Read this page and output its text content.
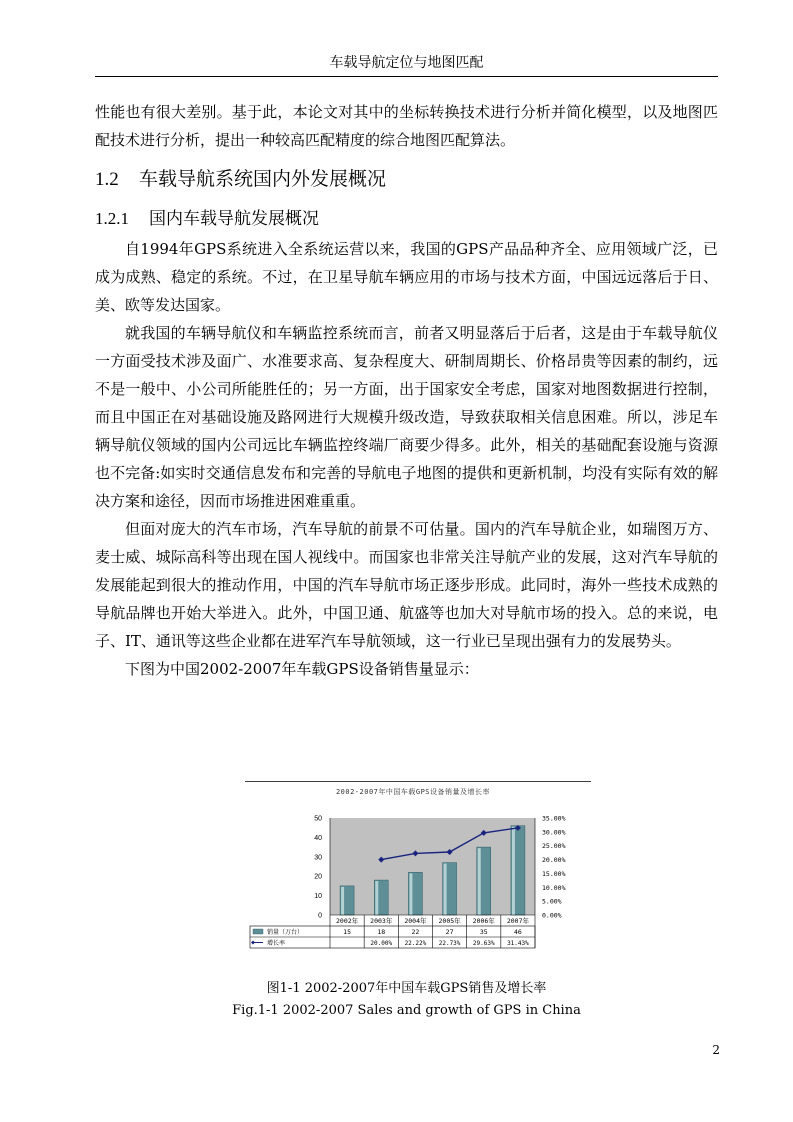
车载导航定位与地图匹配

性能也有很大差别。基于此，本论文对其中的坐标转换技术进行分析并简化模型，以及地图匹配技术进行分析，提出一种较高匹配精度的综合地图匹配算法。

1.2 车载导航系统国内外发展概况
1.2.1 国内车载导航发展概况

自1994年GPS系统进入全系统运营以来，我国的GPS产品品种齐全、应用领域广泛，已成为成熟、稳定的系统。不过，在卫星导航车辆应用的市场与技术方面，中国远远落后于日、美、欧等发达国家。

就我国的车辆导航仪和车辆监控系统而言，前者又明显落后于后者，这是由于车载导航仪一方面受技术涉及面广、水准要求高、复杂程度大、研制周期长、价格昂贵等因素的制约，远不是一般中、小公司所能胜任的；另一方面，出于国家安全考虑，国家对地图数据进行控制，而且中国正在对基础设施及路网进行大规模升级改造，导致获取相关信息困难。所以，涉足车辆导航仪领域的国内公司远比车辆监控终端厂商要少得多。此外，相关的基础配套设施与资源也不完备:如实时交通信息发布和完善的导航电子地图的提供和更新机制，均没有实际有效的解决方案和途径，因而市场推进困难重重。

但面对庞大的汽车市场，汽车导航的前景不可估量。国内的汽车导航企业，如瑞图万方、麦士威、城际高科等出现在国人视线中。而国家也非常关注导航产业的发展，这对汽车导航的发展能起到很大的推动作用，中国的汽车导航市场正逐步形成。此同时，海外一些技术成熟的导航品牌也开始大举进入。此外，中国卫通、航盛等也加大对导航市场的投入。总的来说，电子、IT、通讯等这些企业都在进军汽车导航领域，这一行业已呈现出强有力的发展势头。

下图为中国2002-2007年车载GPS设备销售量显示：

2002-2007年中国车载GPS设备销量及增长率
0
10
20
30
40
50
0.00%
5.00%
10.00%
15.00%
20.00%
25.00%
30.00%
35.00%
2002年
15
2003年
18
20.00%
2004年
22
22.22%
2005年
27
22.73%
2006年
35
29.63%
2007年
46
31.43%
销量（万台）
增长率
图1-1 2002-2007年中国车载GPS销售及增长率
Fig.1-1 2002-2007 Sales and growth of GPS in China
2
